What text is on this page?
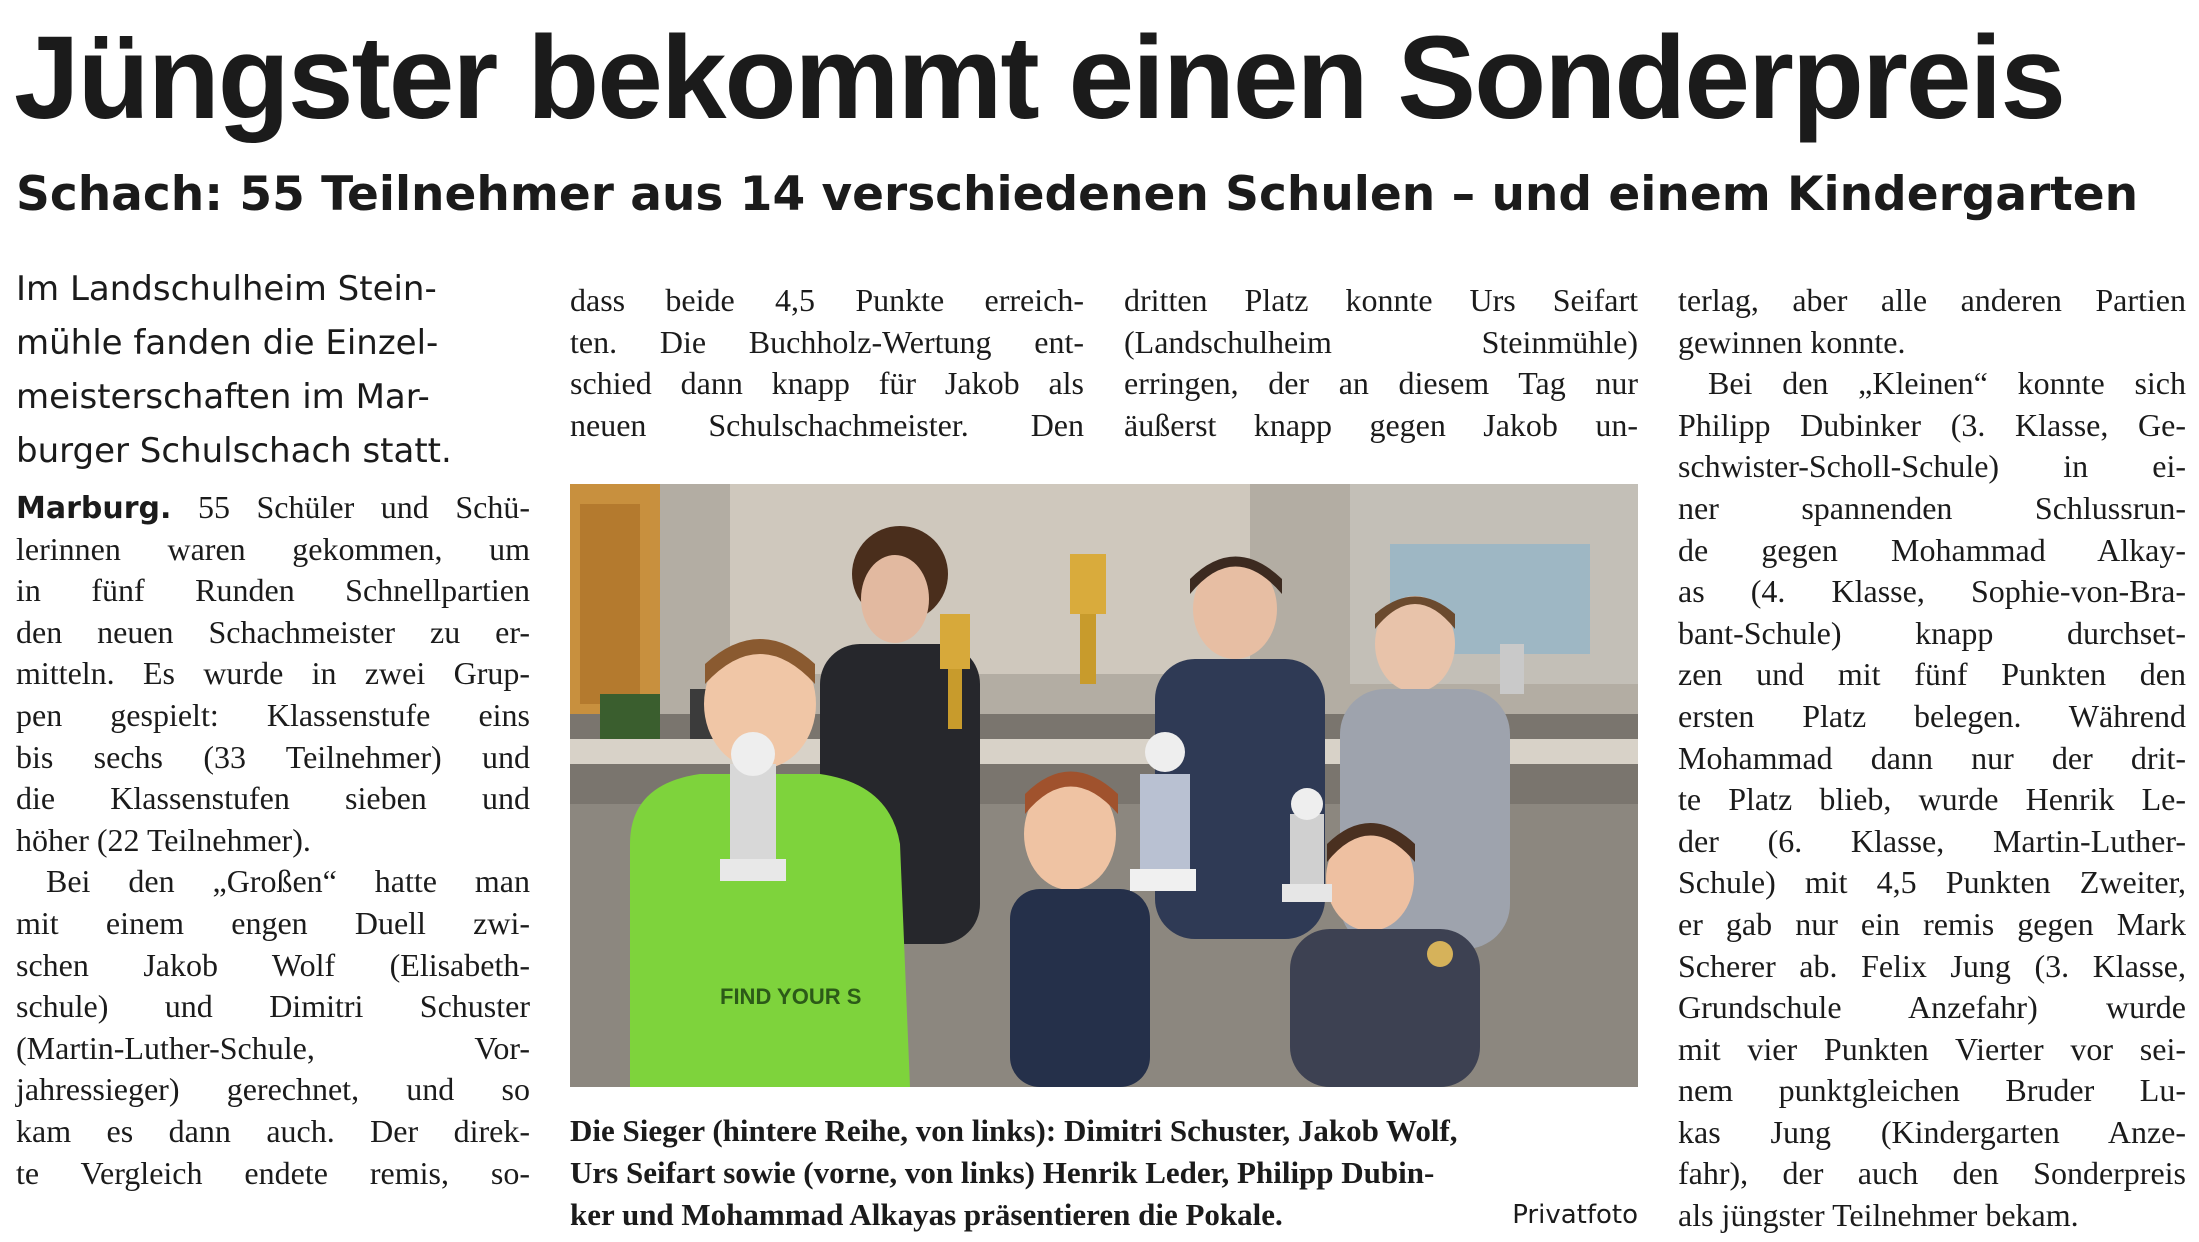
Jüngster bekommt einen Sonderpreis
Schach: 55 Teilnehmer aus 14 verschiedenen Schulen – und einem Kindergarten
Im Landschulheim Stein-
mühle fanden die Einzel-
meisterschaften im Mar-
burger Schulschach statt.
Marburg. 55 Schüler und Schü-
lerinnen waren gekommen, um
in fünf Runden Schnellpartien
den neuen Schachmeister zu er-
mitteln. Es wurde in zwei Grup-
pen gespielt: Klassenstufe eins
bis sechs (33 Teilnehmer) und
die Klassenstufen sieben und
höher (22 Teilnehmer).
Bei den „Großen“ hatte man
mit einem engen Duell zwi-
schen Jakob Wolf (Elisabeth-
schule) und Dimitri Schuster
(Martin-Luther-Schule, Vor-
jahressieger) gerechnet, und so
kam es dann auch. Der direk-
te Vergleich endete remis, so-
dass beide 4,5 Punkte erreich-
ten. Die Buchholz-Wertung ent-
schied dann knapp für Jakob als
neuen Schulschachmeister. Den
dritten Platz konnte Urs Seifart
(Landschulheim Steinmühle)
erringen, der an diesem Tag nur
äußerst knapp gegen Jakob un-
terlag, aber alle anderen Partien
gewinnen konnte.
Bei den „Kleinen“ konnte sich
Philipp Dubinker (3. Klasse, Ge-
schwister-Scholl-Schule) in ei-
ner spannenden Schlussrun-
de gegen Mohammad Alkay-
as (4. Klasse, Sophie-von-Bra-
bant-Schule) knapp durchset-
zen und mit fünf Punkten den
ersten Platz belegen. Während
Mohammad dann nur der drit-
te Platz blieb, wurde Henrik Le-
der (6. Klasse, Martin-Luther-
Schule) mit 4,5 Punkten Zweiter,
er gab nur ein remis gegen Mark
Scherer ab. Felix Jung (3. Klasse,
Grundschule Anzefahr) wurde
mit vier Punkten Vierter vor sei-
nem punktgleichen Bruder Lu-
kas Jung (Kindergarten Anze-
fahr), der auch den Sonderpreis
als jüngster Teilnehmer bekam.
FIND YOUR S
Die Sieger (hintere Reihe, von links): Dimitri Schuster, Jakob Wolf,
Urs Seifart sowie (vorne, von links) Henrik Leder, Philipp Dubin-
ker und Mohammad Alkayas präsentieren die Pokale.	Privatfoto
